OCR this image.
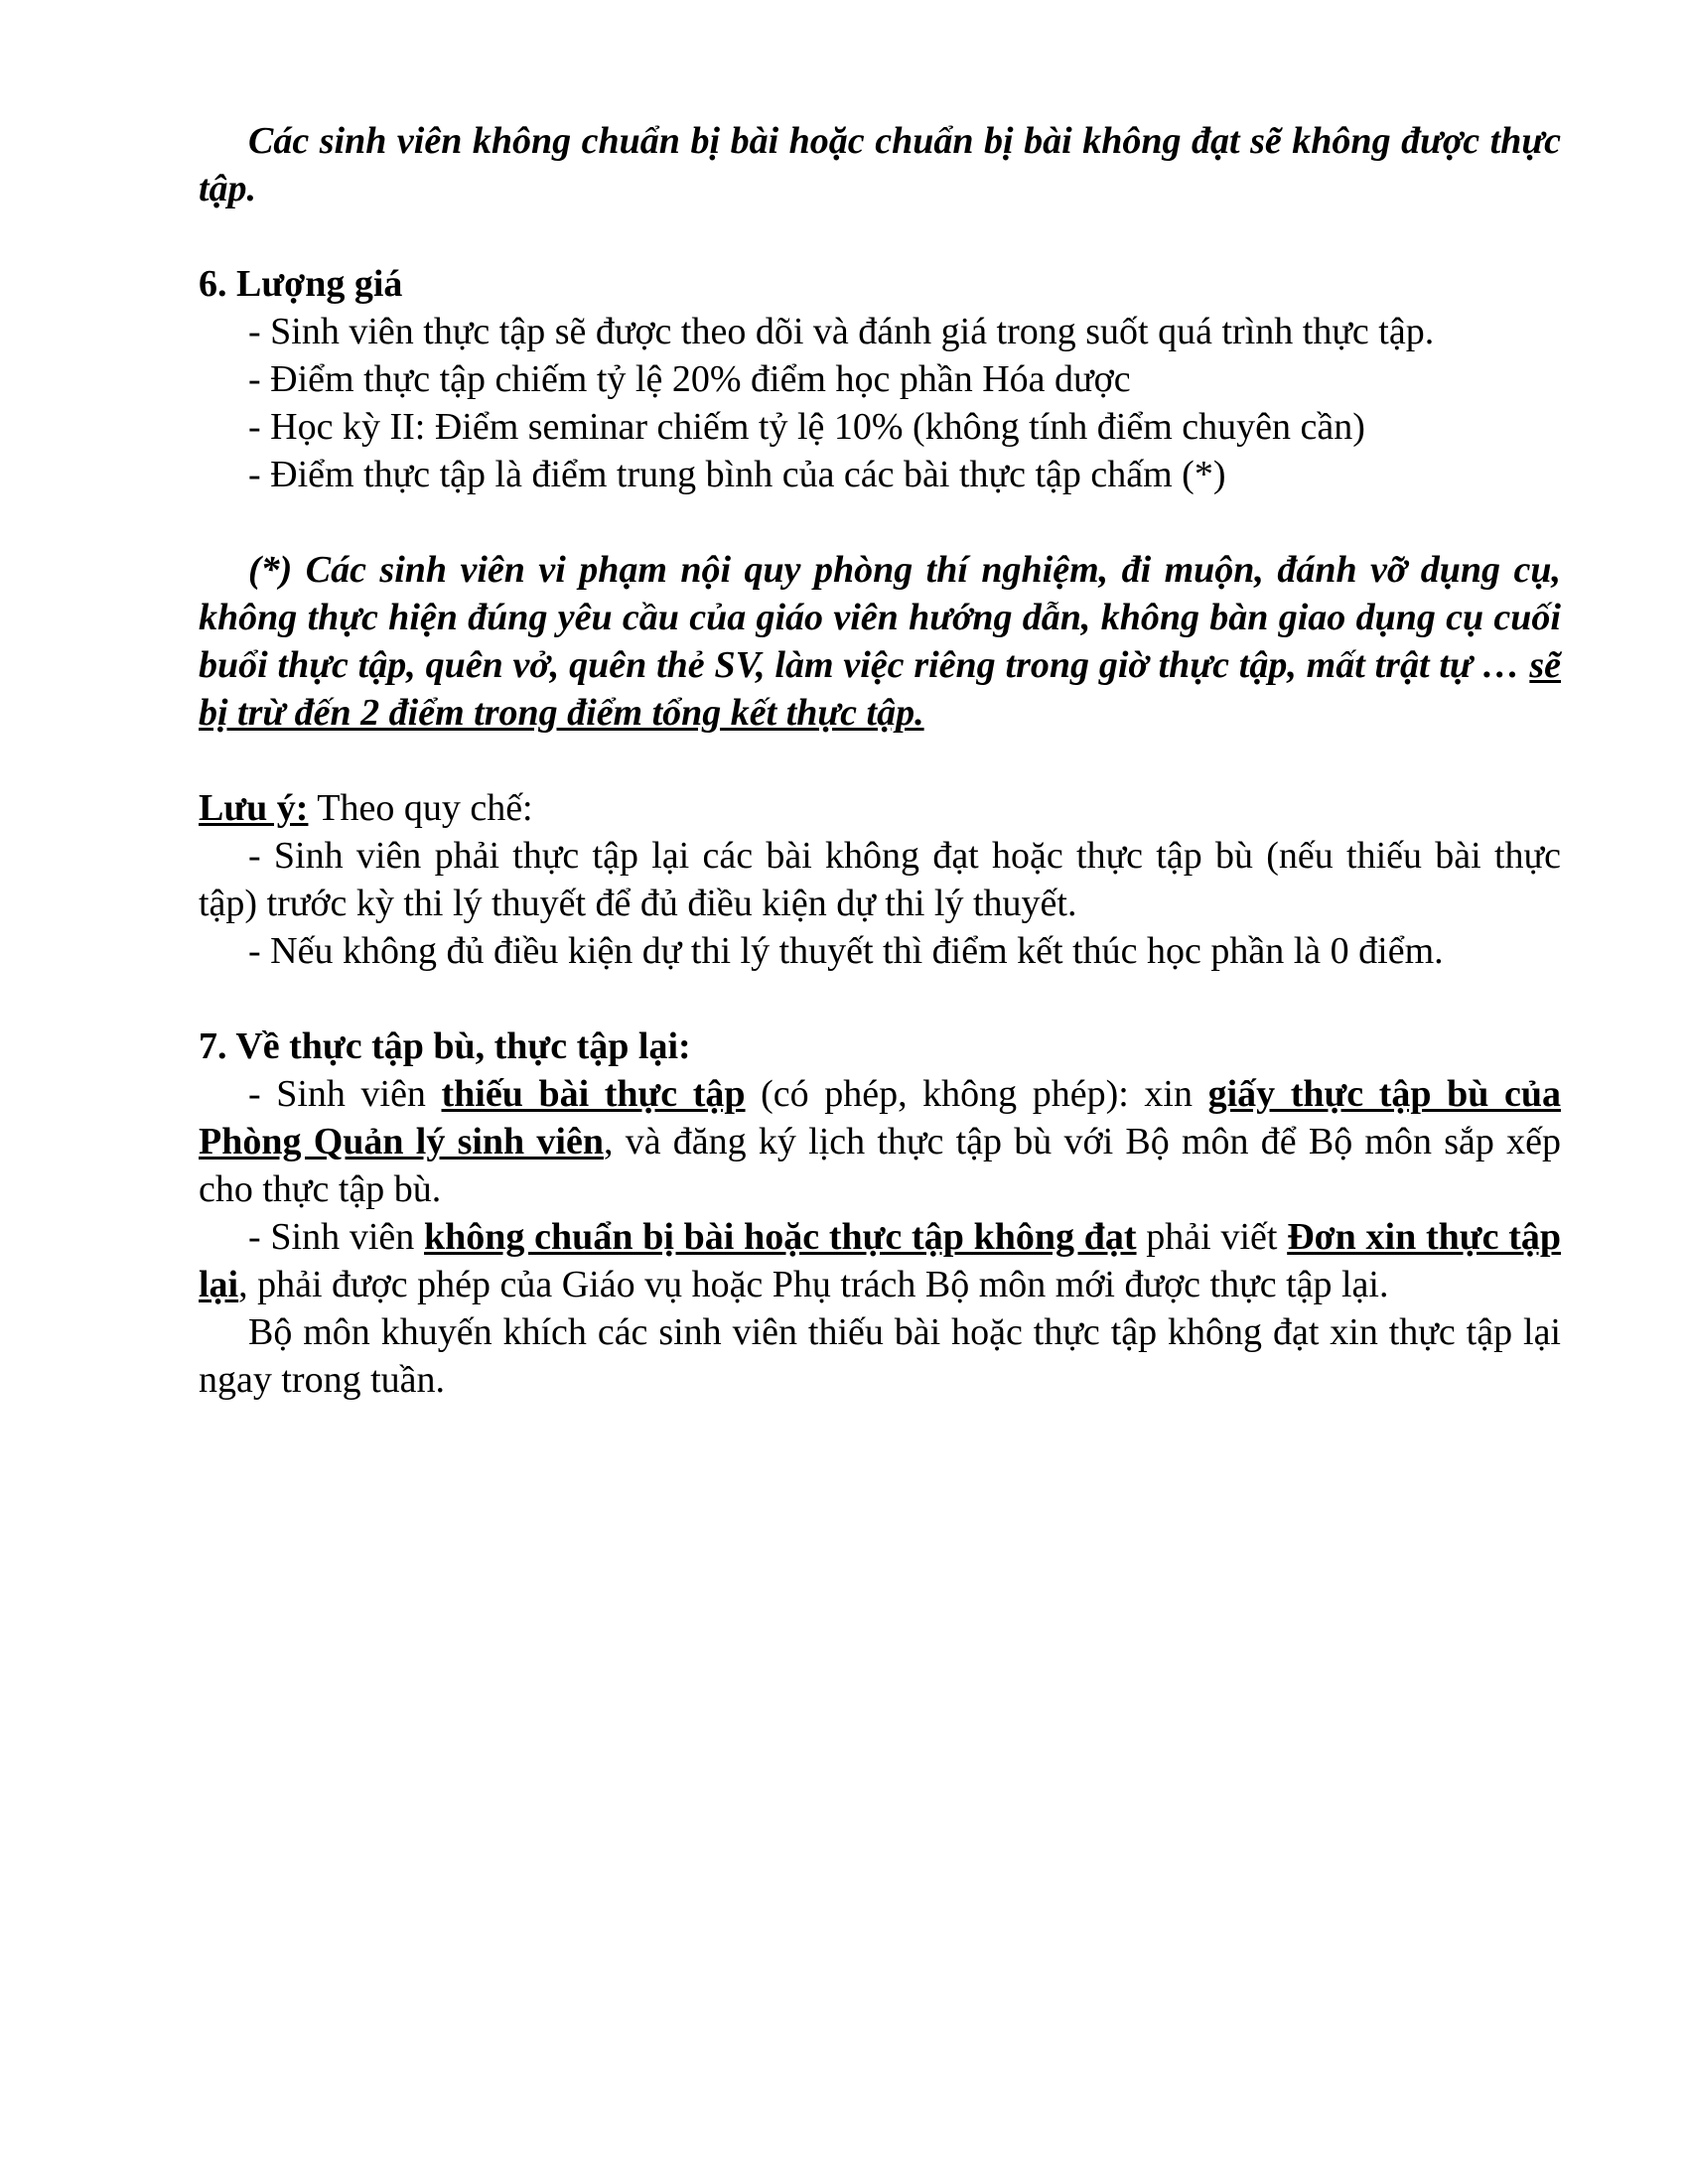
Các sinh viên không chuẩn bị bài hoặc chuẩn bị bài không đạt sẽ không được thực tập.

6. Lượng giá

- Sinh viên thực tập sẽ được theo dõi và đánh giá trong suốt quá trình thực tập.

- Điểm thực tập chiếm tỷ lệ 20% điểm học phần Hóa dược

- Học kỳ II: Điểm seminar chiếm tỷ lệ 10% (không tính điểm chuyên cần)

- Điểm thực tập là điểm trung bình của các bài thực tập chấm (*)

(*) Các sinh viên vi phạm nội quy phòng thí nghiệm, đi muộn, đánh vỡ dụng cụ, không thực hiện đúng yêu cầu của giáo viên hướng dẫn, không bàn giao dụng cụ cuối buổi thực tập, quên vở, quên thẻ SV, làm việc riêng trong giờ thực tập, mất trật tự … sẽ bị trừ đến 2 điểm trong điểm tổng kết thực tập.

Lưu ý: Theo quy chế:

- Sinh viên phải thực tập lại các bài không đạt hoặc thực tập bù (nếu thiếu bài thực tập) trước kỳ thi lý thuyết để đủ điều kiện dự thi lý thuyết.

- Nếu không đủ điều kiện dự thi lý thuyết thì điểm kết thúc học phần là 0 điểm.

7. Về thực tập bù, thực tập lại:

- Sinh viên thiếu bài thực tập (có phép, không phép): xin giấy thực tập bù của Phòng Quản lý sinh viên, và đăng ký lịch thực tập bù với Bộ môn để Bộ môn sắp xếp cho thực tập bù.

- Sinh viên không chuẩn bị bài hoặc thực tập không đạt phải viết Đơn xin thực tập lại, phải được phép của Giáo vụ hoặc Phụ trách Bộ môn mới được thực tập lại.

Bộ môn khuyến khích các sinh viên thiếu bài hoặc thực tập không đạt xin thực tập lại ngay trong tuần.
